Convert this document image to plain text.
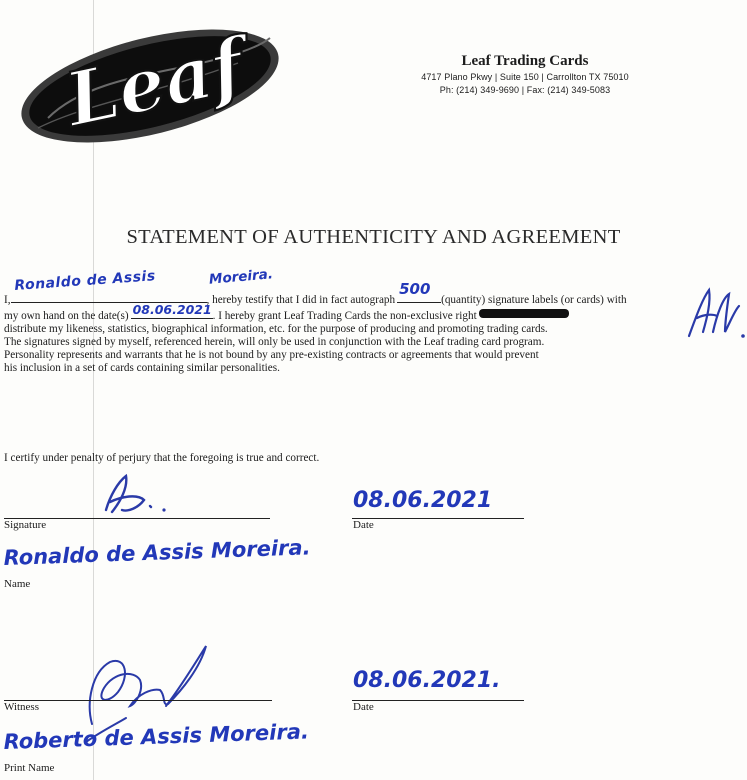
Leaf	Leaf Trading Cards
4717 Plano Pkwy | Suite 150 | Carrollton TX 75010
Ph: (214) 349-9690 | Fax: (214) 349-5083
STATEMENT OF AUTHENTICITY AND AGREEMENT
I,
Ronaldo de Assis	Moreira.
, hereby testify that I did in fact autograph
500
(quantity) signature labels (or cards) with
my own hand on the date(s) 08.06.2021 . I hereby grant Leaf Trading Cards the non-exclusive right
distribute my likeness, statistics, biographical information, etc. for the purpose of producing and promoting trading cards.
The signatures signed by myself, referenced herein, will only be used in conjunction with the Leaf trading card program.
Personality represents and warrants that he is not bound by any pre-existing contracts or agreements that would prevent
his inclusion in a set of cards containing similar personalities.
I certify under penalty of perjury that the foregoing is true and correct.
Signature
08.06.2021
Date
Ronaldo de Assis Moreira.
Name
Witness
08.06.2021.
Date
Roberto de Assis Moreira.
Print Name
